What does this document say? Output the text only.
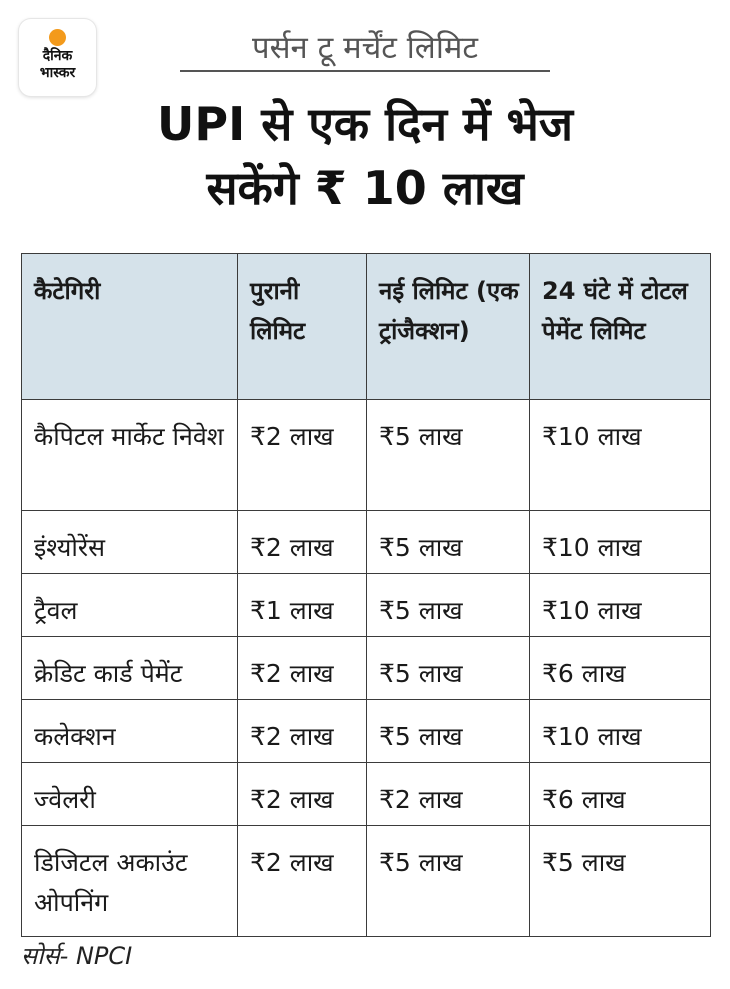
दैनिक
भास्कर
पर्सन टू मर्चेंट लिमिट
UPI से एक दिन में भेज
सकेंगे ₹ 10 लाख
कैटेगिरी	पुरानी लिमिट	नई लिमिट (एक ट्रांजैक्शन)	24 घंटे में टोटल पेमेंट लिमिट
कैपिटल मार्केट निवेश	₹2 लाख	₹5 लाख	₹10 लाख
इंश्योरेंस	₹2 लाख	₹5 लाख	₹10 लाख
ट्रैवल	₹1 लाख	₹5 लाख	₹10 लाख
क्रेडिट कार्ड पेमेंट	₹2 लाख	₹5 लाख	₹6 लाख
कलेक्शन	₹2 लाख	₹5 लाख	₹10 लाख
ज्वेलरी	₹2 लाख	₹2 लाख	₹6 लाख
डिजिटल अकाउंट ओपनिंग	₹2 लाख	₹5 लाख	₹5 लाख
सोर्स- NPCI
